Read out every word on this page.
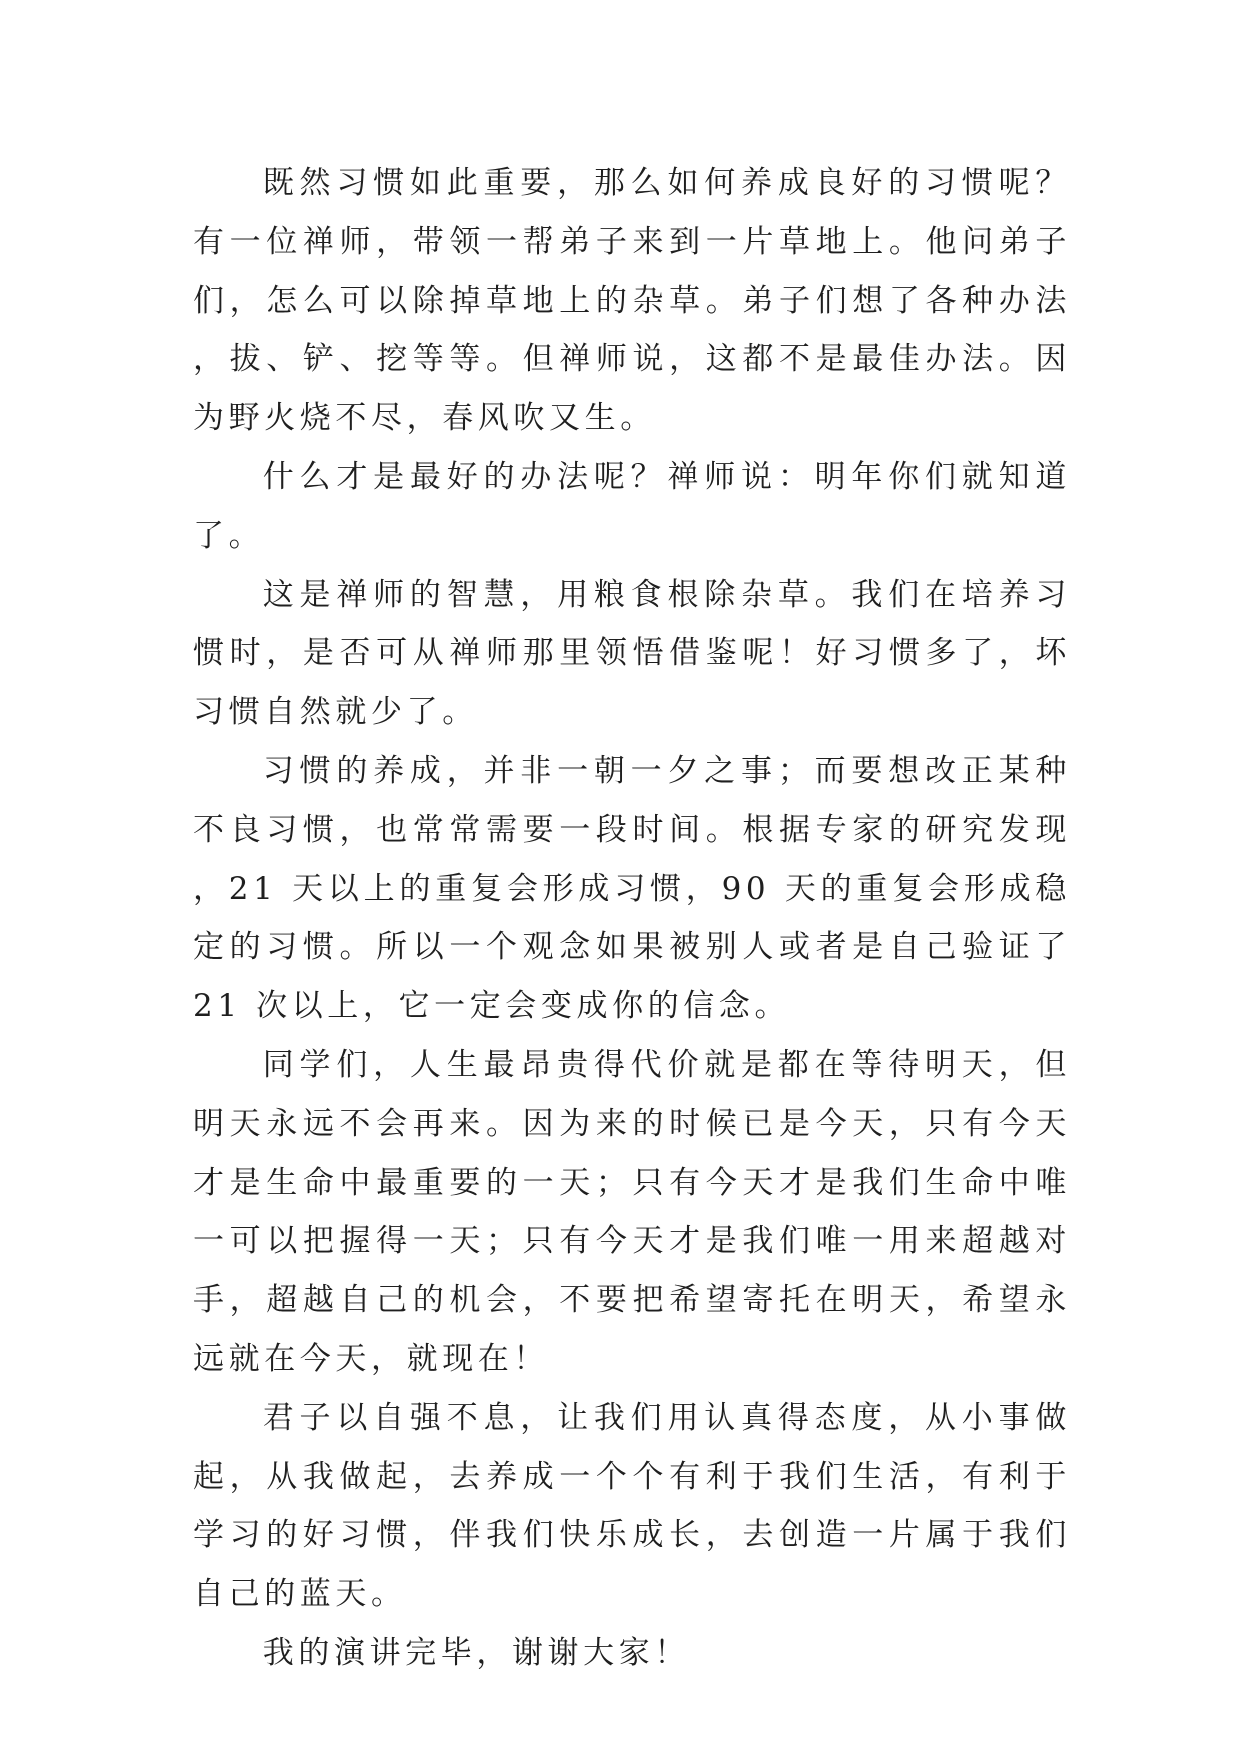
既然习惯如此重要，那么如何养成良好的习惯呢？有一位禅师，带领一帮弟子来到一片草地上。他问弟子们，怎么可以除掉草地上的杂草。弟子们想了各种办法，拔、铲、挖等等。但禅师说，这都不是最佳办法。因为野火烧不尽，春风吹又生。

什么才是最好的办法呢？禅师说：明年你们就知道了。

这是禅师的智慧，用粮食根除杂草。我们在培养习惯时，是否可从禅师那里领悟借鉴呢！好习惯多了，坏习惯自然就少了。

习惯的养成，并非一朝一夕之事；而要想改正某种不良习惯，也常常需要一段时间。根据专家的研究发现，21 天以上的重复会形成习惯，90 天的重复会形成稳定的习惯。所以一个观念如果被别人或者是自己验证了 21 次以上，它一定会变成你的信念。

同学们，人生最昂贵得代价就是都在等待明天，但明天永远不会再来。因为来的时候已是今天，只有今天才是生命中最重要的一天；只有今天才是我们生命中唯一可以把握得一天；只有今天才是我们唯一用来超越对手，超越自己的机会，不要把希望寄托在明天，希望永远就在今天，就现在！

君子以自强不息，让我们用认真得态度，从小事做起，从我做起，去养成一个个有利于我们生活，有利于学习的好习惯，伴我们快乐成长，去创造一片属于我们自己的蓝天。

我的演讲完毕，谢谢大家！
